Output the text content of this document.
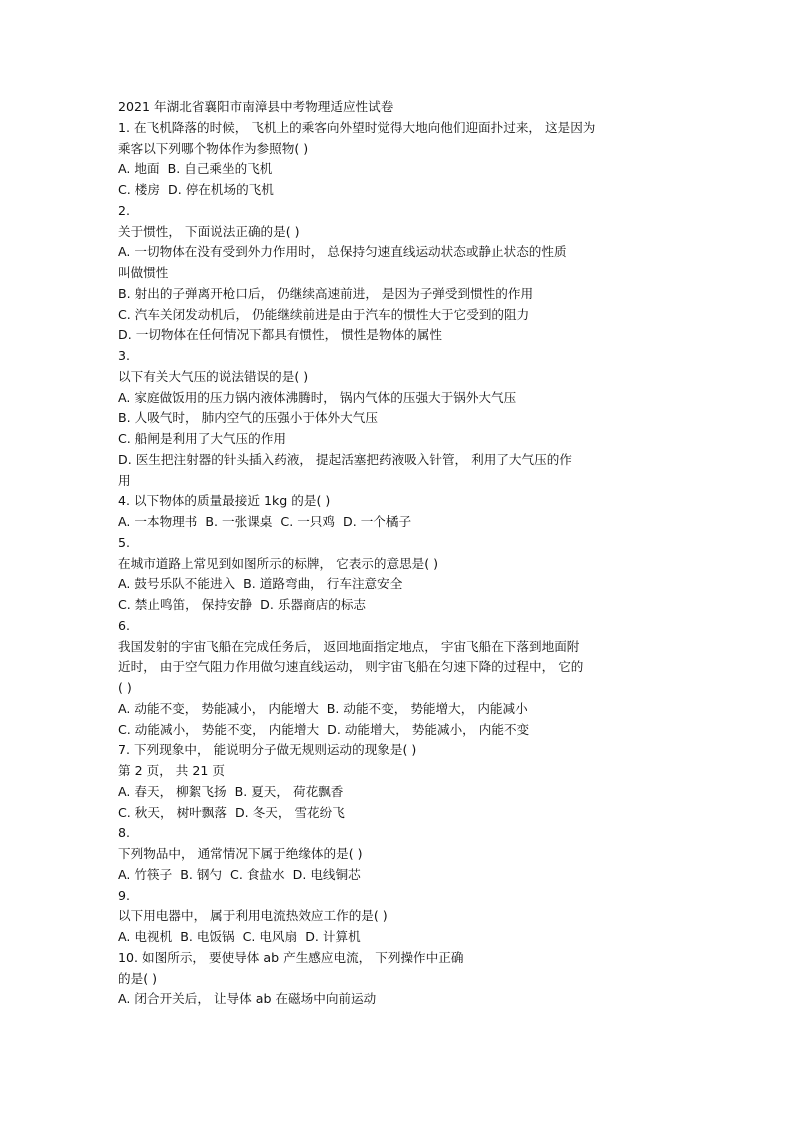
2021 年湖北省襄阳市南漳县中考物理适应性试卷
1. 在飞机降落的时候， 飞机上的乘客向外望时觉得大地向他们迎面扑过来， 这是因为
乘客以下列哪个物体作为参照物( )
A. 地面  B. 自己乘坐的飞机
C. 楼房  D. 停在机场的飞机
2.
关于惯性， 下面说法正确的是( )
A. 一切物体在没有受到外力作用时， 总保持匀速直线运动状态或静止状态的性质
叫做惯性
B. 射出的子弹离开枪口后， 仍继续高速前进， 是因为子弹受到惯性的作用
C. 汽车关闭发动机后， 仍能继续前进是由于汽车的惯性大于它受到的阻力
D. 一切物体在任何情况下都具有惯性， 惯性是物体的属性
3.
以下有关大气压的说法错误的是( )
A. 家庭做饭用的压力锅内液体沸腾时， 锅内气体的压强大于锅外大气压
B. 人吸气时， 肺内空气的压强小于体外大气压
C. 船闸是利用了大气压的作用
D. 医生把注射器的针头插入药液， 提起活塞把药液吸入针管， 利用了大气压的作
用
4. 以下物体的质量最接近 1kg 的是( )
A. 一本物理书  B. 一张课桌  C. 一只鸡  D. 一个橘子
5.
在城市道路上常见到如图所示的标牌， 它表示的意思是( )
A. 鼓号乐队不能进入  B. 道路弯曲， 行车注意安全
C. 禁止鸣笛， 保持安静  D. 乐器商店的标志
6.
我国发射的宇宙飞船在完成任务后， 返回地面指定地点， 宇宙飞船在下落到地面附
近时， 由于空气阻力作用做匀速直线运动， 则宇宙飞船在匀速下降的过程中， 它的
( )
A. 动能不变， 势能减小， 内能增大  B. 动能不变， 势能增大， 内能减小
C. 动能减小， 势能不变， 内能增大  D. 动能增大， 势能减小， 内能不变
7. 下列现象中， 能说明分子做无规则运动的现象是( )
第 2 页， 共 21 页
A. 春天， 柳絮飞扬  B. 夏天， 荷花飘香
C. 秋天， 树叶飘落  D. 冬天， 雪花纷飞
8.
下列物品中， 通常情况下属于绝缘体的是( )
A. 竹筷子  B. 钢勺  C. 食盐水  D. 电线铜芯
9.
以下用电器中， 属于利用电流热效应工作的是( )
A. 电视机  B. 电饭锅  C. 电风扇  D. 计算机
10. 如图所示， 要使导体 ab 产生感应电流， 下列操作中正确
的是( )
A. 闭合开关后， 让导体 ab 在磁场中向前运动
